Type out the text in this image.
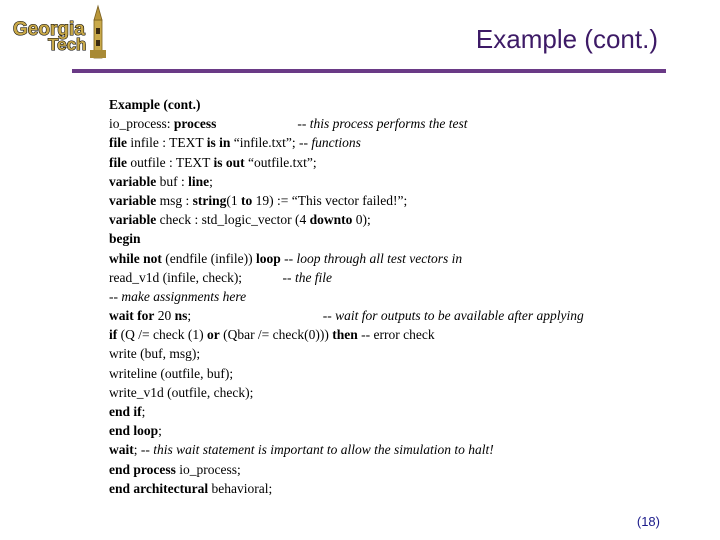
Georgia
Tech	Example (cont.)
Example (cont.)
io_process: process                        -- this process performs the test
file infile : TEXT is in “infile.txt”; -- functions
file outfile : TEXT is out “outfile.txt”;
variable buf : line;
variable msg : string(1 to 19) := “This vector failed!”;
variable check : std_logic_vector (4 downto 0);
begin
while not (endfile (infile)) loop -- loop through all test vectors in
read_v1d (infile, check);            -- the file
-- make assignments here
wait for 20 ns;                                       -- wait for outputs to be available after applying
if (Q /= check (1) or (Qbar /= check(0))) then -- error check
write (buf, msg);
writeline (outfile, buf);
write_v1d (outfile, check);
end if;
end loop;
wait; -- this wait statement is important to allow the simulation to halt!
end process io_process;
end architectural behavioral;
(18)
